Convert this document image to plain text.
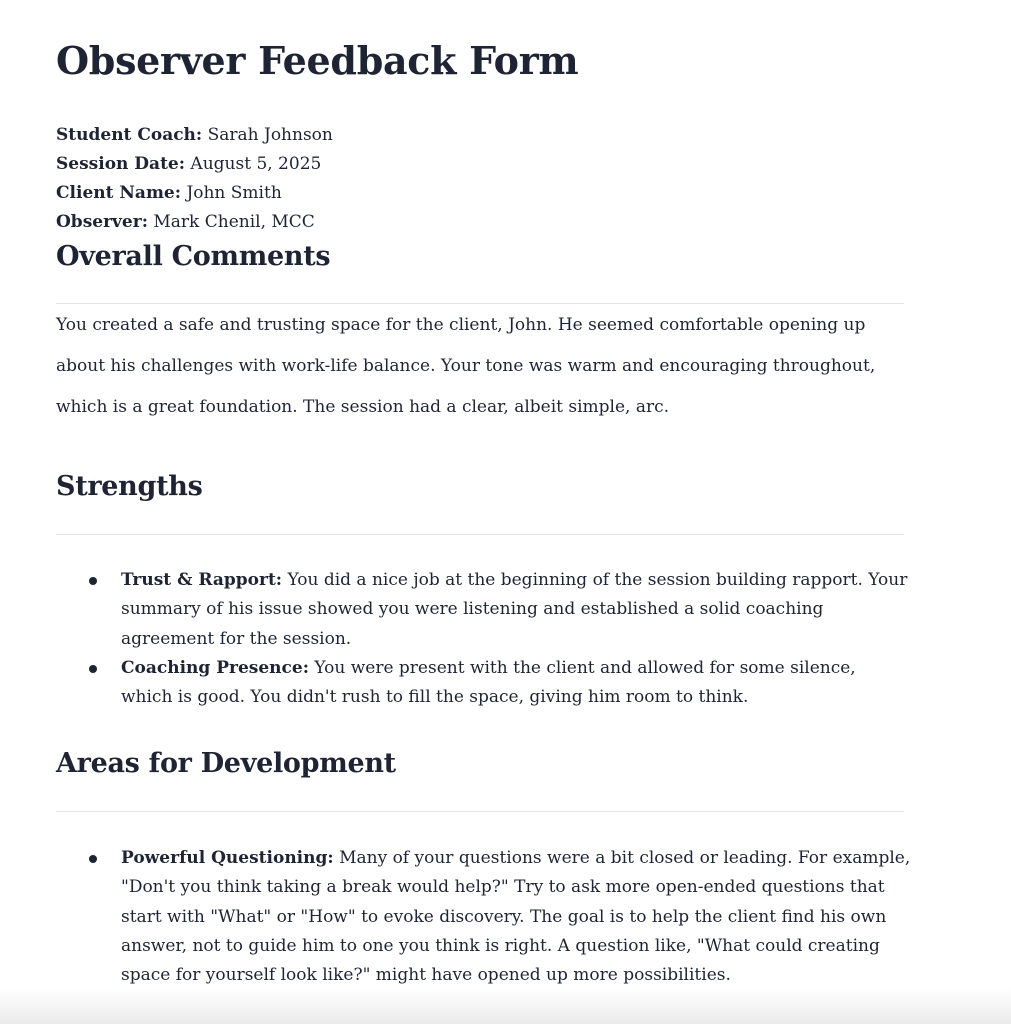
Observer Feedback Form
Student Coach: Sarah Johnson
Session Date: August 5, 2025
Client Name: John Smith
Observer: Mark Chenil, MCC
Overall Comments

You created a safe and trusting space for the client, John. He seemed comfortable opening up about his challenges with work-life balance. Your tone was warm and encouraging throughout, which is a great foundation. The session had a clear, albeit simple, arc.

Strengths
Trust & Rapport: You did a nice job at the beginning of the session building rapport. Your summary of his issue showed you were listening and established a solid coaching agreement for the session.
Coaching Presence: You were present with the client and allowed for some silence, which is good. You didn't rush to fill the space, giving him room to think.
Areas for Development
Powerful Questioning: Many of your questions were a bit closed or leading. For example, "Don't you think taking a break would help?" Try to ask more open-ended questions that start with "What" or "How" to evoke discovery. The goal is to help the client find his own answer, not to guide him to one you think is right. A question like, "What could creating space for yourself look like?" might have opened up more possibilities.
